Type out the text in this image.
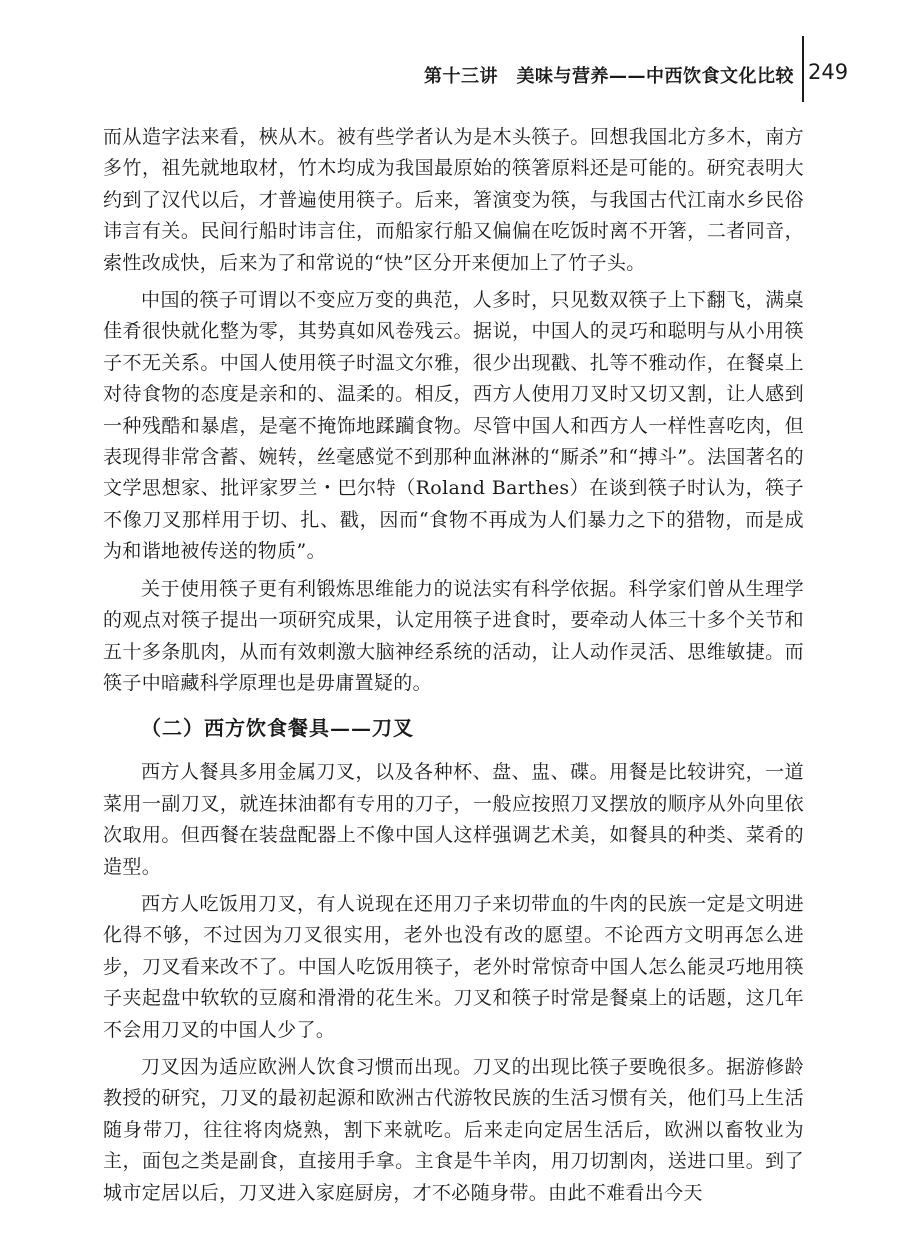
第十三讲　美味与营养——中西饮食文化比较 249

而从造字法来看，梜从木。被有些学者认为是木头筷子。回想我国北方多木，南方多竹，祖先就地取材，竹木均成为我国最原始的筷箸原料还是可能的。研究表明大约到了汉代以后，才普遍使用筷子。后来，箸演变为筷，与我国古代江南水乡民俗讳言有关。民间行船时讳言住，而船家行船又偏偏在吃饭时离不开箸，二者同音，索性改成快，后来为了和常说的“快”区分开来便加上了竹子头。

中国的筷子可谓以不变应万变的典范，人多时，只见数双筷子上下翻飞，满桌佳肴很快就化整为零，其势真如风卷残云。据说，中国人的灵巧和聪明与从小用筷子不无关系。中国人使用筷子时温文尔雅，很少出现戳、扎等不雅动作，在餐桌上对待食物的态度是亲和的、温柔的。相反，西方人使用刀叉时又切又割，让人感到一种残酷和暴虐，是毫不掩饰地蹂躏食物。尽管中国人和西方人一样性喜吃肉，但表现得非常含蓄、婉转，丝毫感觉不到那种血淋淋的“厮杀”和“搏斗”。法国著名的文学思想家、批评家罗兰・巴尔特（Roland Barthes）在谈到筷子时认为，筷子不像刀叉那样用于切、扎、戳，因而“食物不再成为人们暴力之下的猎物，而是成为和谐地被传送的物质”。

关于使用筷子更有利锻炼思维能力的说法实有科学依据。科学家们曾从生理学的观点对筷子提出一项研究成果，认定用筷子进食时，要牵动人体三十多个关节和五十多条肌肉，从而有效刺激大脑神经系统的活动，让人动作灵活、思维敏捷。而筷子中暗藏科学原理也是毋庸置疑的。

（二）西方饮食餐具——刀叉

西方人餐具多用金属刀叉，以及各种杯、盘、盅、碟。用餐是比较讲究，一道菜用一副刀叉，就连抹油都有专用的刀子，一般应按照刀叉摆放的顺序从外向里依次取用。但西餐在装盘配器上不像中国人这样强调艺术美，如餐具的种类、菜肴的造型。

西方人吃饭用刀叉，有人说现在还用刀子来切带血的牛肉的民族一定是文明进化得不够，不过因为刀叉很实用，老外也没有改的愿望。不论西方文明再怎么进步，刀叉看来改不了。中国人吃饭用筷子，老外时常惊奇中国人怎么能灵巧地用筷子夹起盘中软软的豆腐和滑滑的花生米。刀叉和筷子时常是餐桌上的话题，这几年不会用刀叉的中国人少了。

刀叉因为适应欧洲人饮食习惯而出现。刀叉的出现比筷子要晚很多。据游修龄教授的研究，刀叉的最初起源和欧洲古代游牧民族的生活习惯有关，他们马上生活随身带刀，往往将肉烧熟，割下来就吃。后来走向定居生活后，欧洲以畜牧业为主，面包之类是副食，直接用手拿。主食是牛羊肉，用刀切割肉，送进口里。到了城市定居以后，刀叉进入家庭厨房，才不必随身带。由此不难看出今天
